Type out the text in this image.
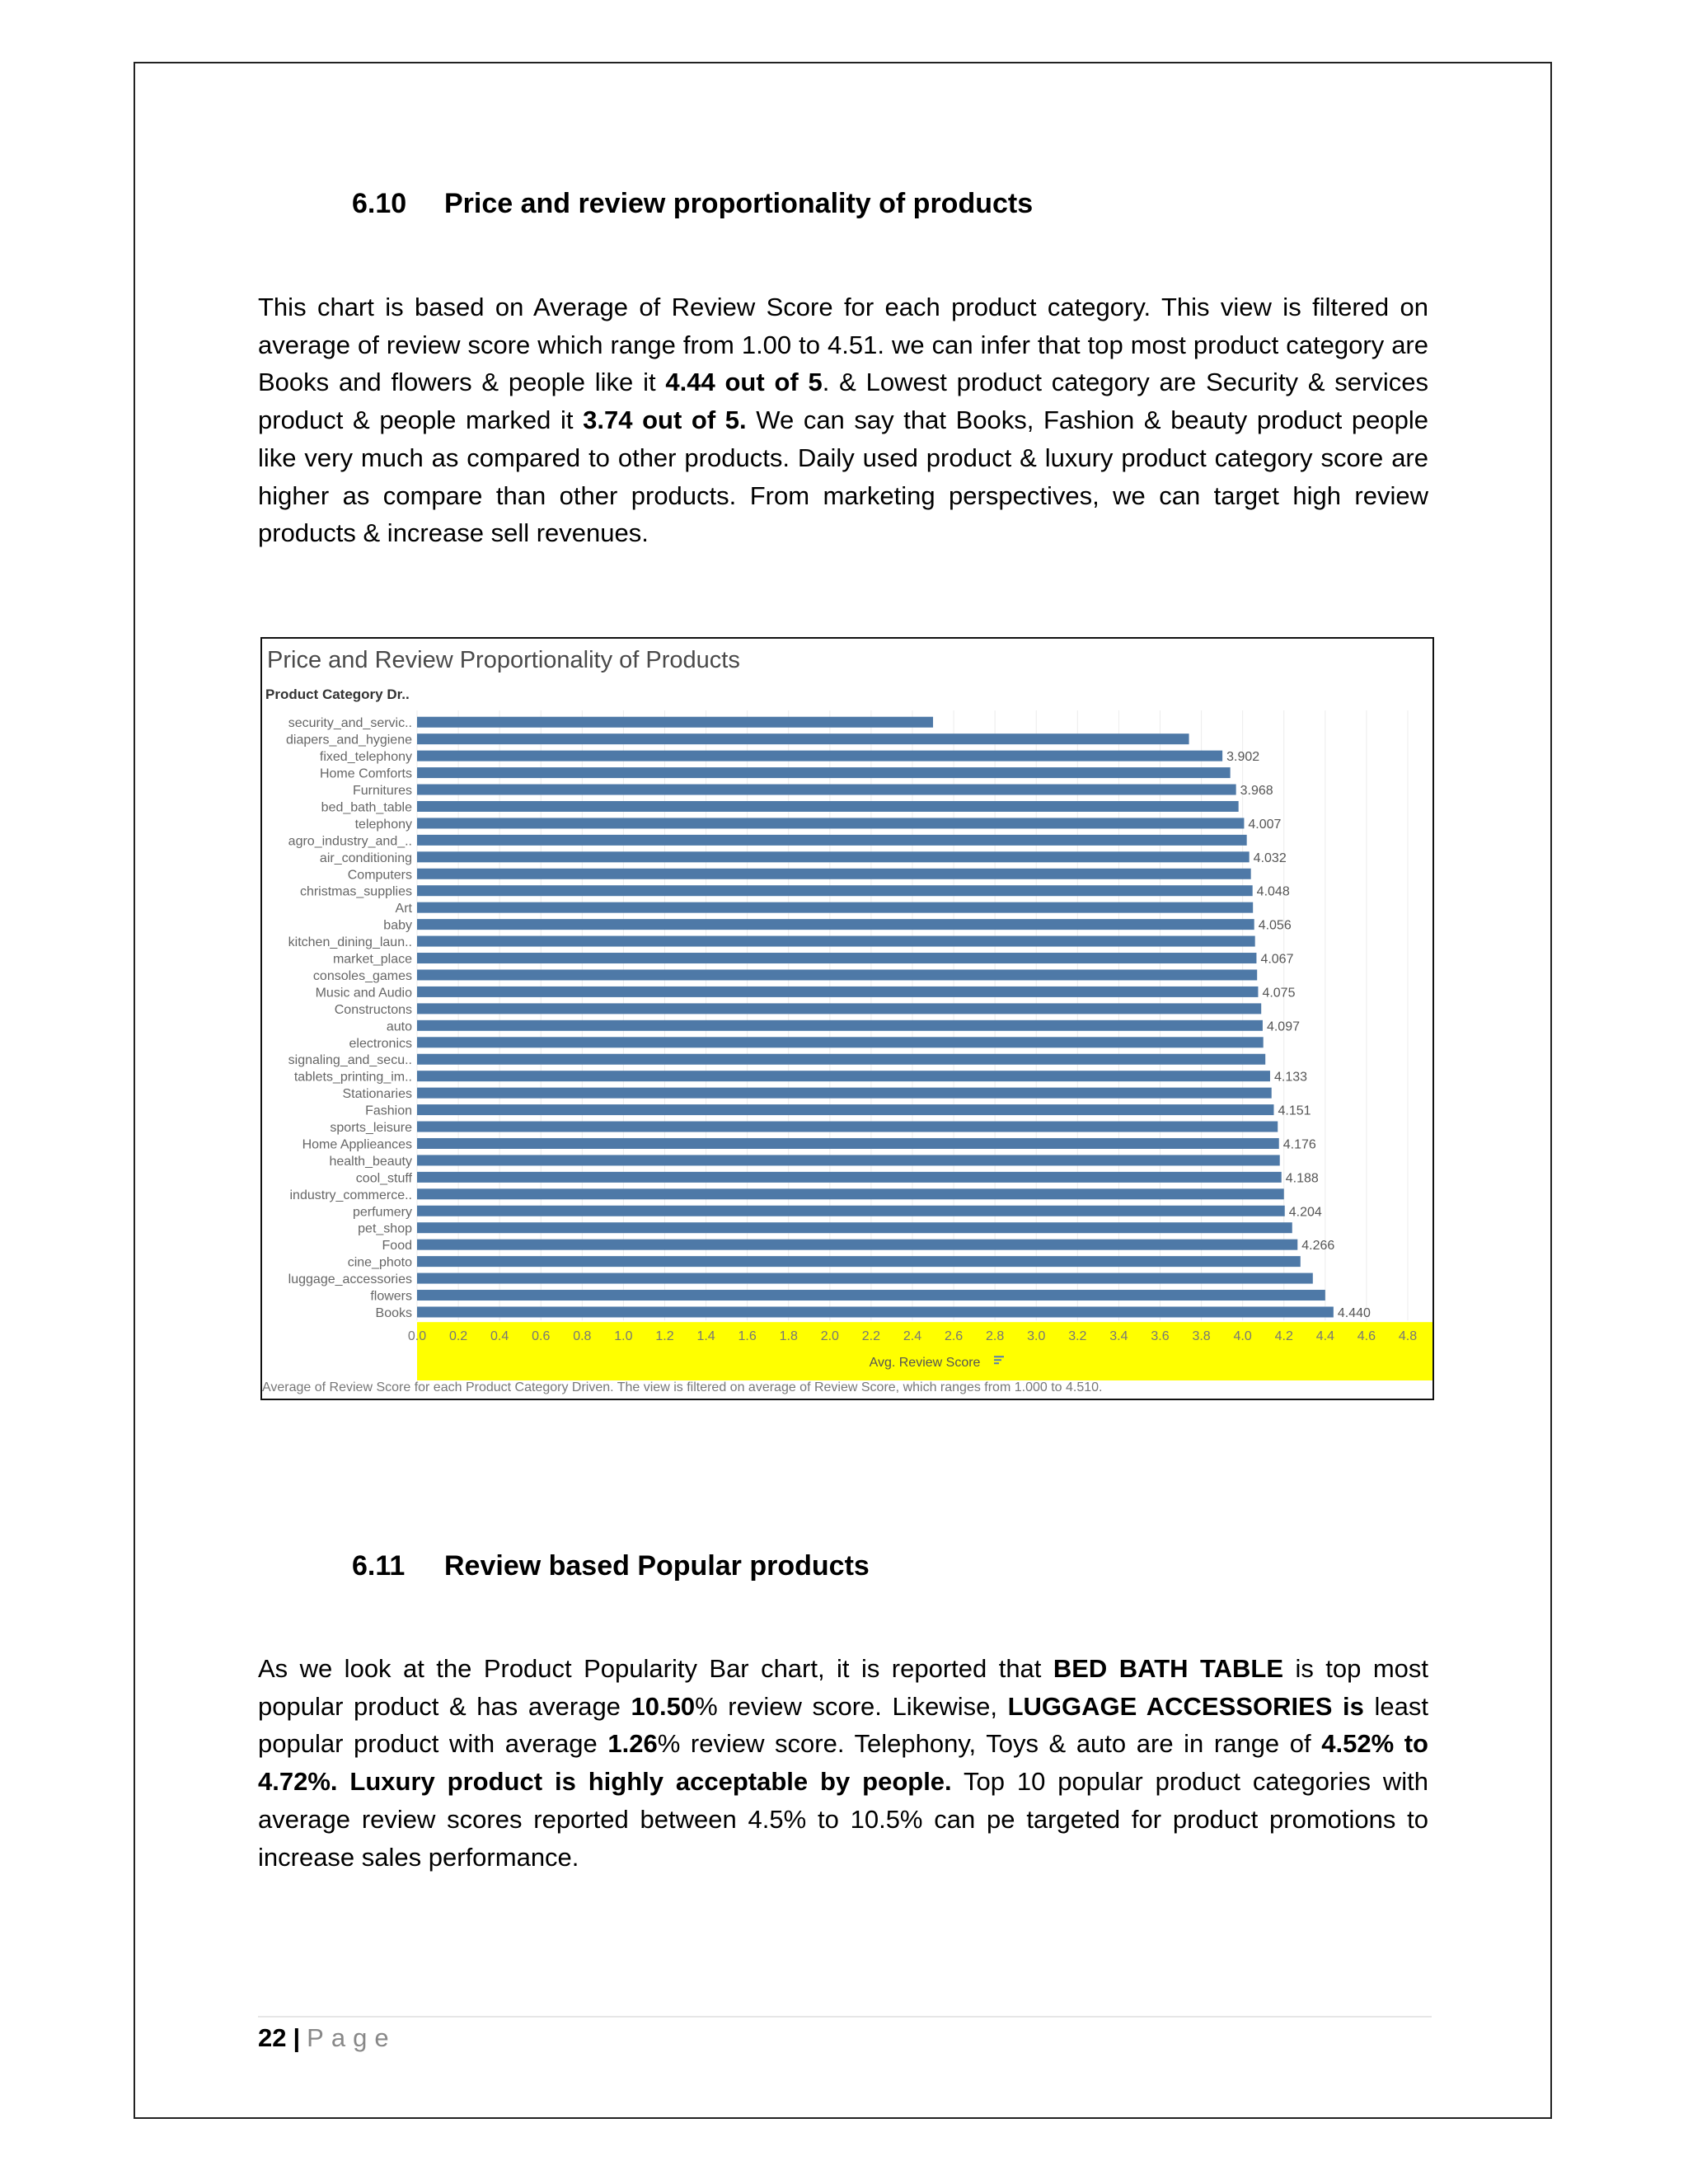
6.10 Price and review proportionality of products
This chart is based on Average of Review Score for each product category. This view is filtered on average of review score which range from 1.00 to 4.51. we can infer that top most product category are Books and flowers & people like it 4.44 out of 5. & Lowest product category are Security & services product & people marked it 3.74 out of 5. We can say that Books, Fashion & beauty product people like very much as compared to other products. Daily used product & luxury product category score are higher as compare than other products. From marketing perspectives, we can target high review products & increase sell revenues.
Price and Review Proportionality of Products
Product Category Dr..
security_and_servic..
diapers_and_hygiene
fixed_telephony	3.902
Home Comforts
Furnitures	3.968
bed_bath_table
telephony	4.007
agro_industry_and_..
air_conditioning	4.032
Computers
christmas_supplies	4.048
Art
baby	4.056
kitchen_dining_laun..
market_place	4.067
consoles_games
Music and Audio	4.075
Constructons
auto	4.097
electronics
signaling_and_secu..
tablets_printing_im..	4.133
Stationaries
Fashion	4.151
sports_leisure
Home Applieances	4.176
health_beauty
cool_stuff	4.188
industry_commerce..
perfumery	4.204
pet_shop
Food	4.266
cine_photo
luggage_accessories
flowers
Books	4.440
0.0 0.2 0.4 0.6 0.8 1.0 1.2 1.4 1.6 1.8 2.0 2.2 2.4 2.6 2.8 3.0 3.2 3.4 3.6 3.8 4.0 4.2 4.4 4.6 4.8
Avg. Review Score
Average of Review Score for each Product Category Driven. The view is filtered on average of Review Score, which ranges from 1.000 to 4.510.
6.11 Review based Popular products
As we look at the Product Popularity Bar chart, it is reported that BED BATH TABLE is top most popular product & has average 10.50% review score. Likewise, LUGGAGE ACCESSORIES is least popular product with average 1.26% review score. Telephony, Toys & auto are in range of 4.52% to 4.72%. Luxury product is highly acceptable by people. Top 10 popular product categories with average review scores reported between 4.5% to 10.5% can pe targeted for product promotions to increase sales performance.
22 | Page
